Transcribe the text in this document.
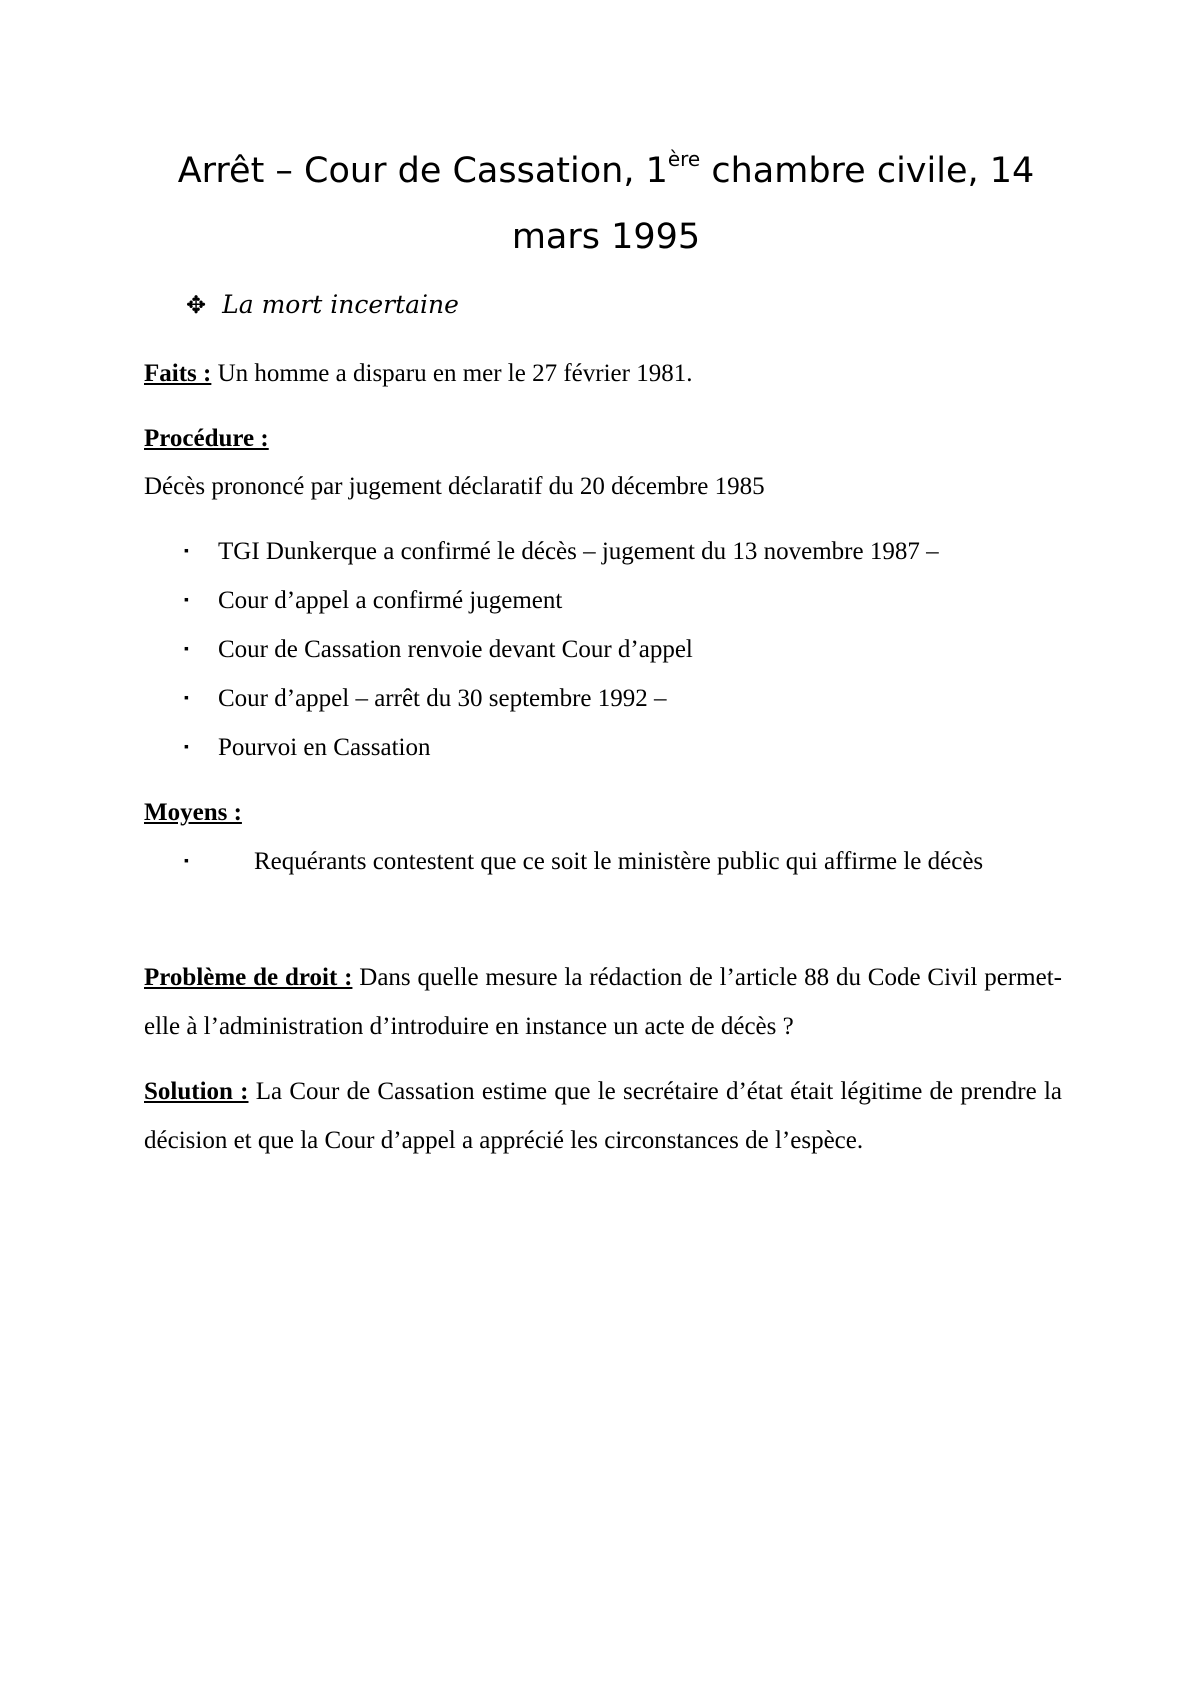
Arrêt – Cour de Cassation, 1ère chambre civile, 14 mars 1995
✥ La mort incertaine
Faits : Un homme a disparu en mer le 27 février 1981.
Procédure :
Décès prononcé par jugement déclaratif du 20 décembre 1985
▪ TGI Dunkerque a confirmé le décès – jugement du 13 novembre 1987 –
▪ Cour d’appel a confirmé jugement
▪ Cour de Cassation renvoie devant Cour d’appel
▪ Cour d’appel – arrêt du 30 septembre 1992 –
▪ Pourvoi en Cassation
Moyens :
▪	Requérants contestent que ce soit le ministère public qui affirme le décès
Problème de droit : Dans quelle mesure la rédaction de l’article 88 du Code Civil permet-elle à l’administration d’introduire en instance un acte de décès ?
Solution : La Cour de Cassation estime que le secrétaire d’état était légitime de prendre la décision et que la Cour d’appel a apprécié les circonstances de l’espèce.
